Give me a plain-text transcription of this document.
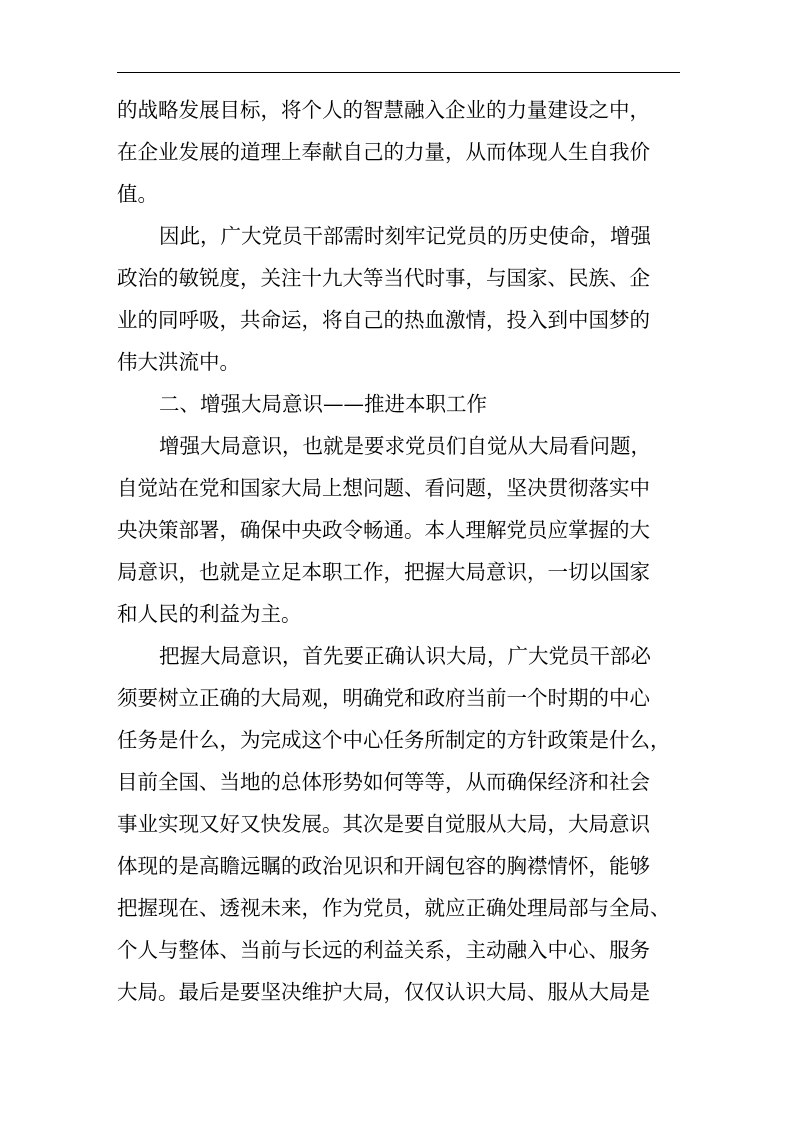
的战略发展目标，将个人的智慧融入企业的力量建设之中，
在企业发展的道理上奉献自己的力量，从而体现人生自我价
值。
因此，广大党员干部需时刻牢记党员的历史使命，增强
政治的敏锐度，关注十九大等当代时事，与国家、民族、企
业的同呼吸，共命运，将自己的热血激情，投入到中国梦的
伟大洪流中。
二、增强大局意识——推进本职工作
增强大局意识，也就是要求党员们自觉从大局看问题，
自觉站在党和国家大局上想问题、看问题，坚决贯彻落实中
央决策部署，确保中央政令畅通。本人理解党员应掌握的大
局意识，也就是立足本职工作，把握大局意识，一切以国家
和人民的利益为主。
把握大局意识，首先要正确认识大局，广大党员干部必
须要树立正确的大局观，明确党和政府当前一个时期的中心
任务是什么，为完成这个中心任务所制定的方针政策是什么，
目前全国、当地的总体形势如何等等，从而确保经济和社会
事业实现又好又快发展。其次是要自觉服从大局，大局意识
体现的是高瞻远瞩的政治见识和开阔包容的胸襟情怀，能够
把握现在、透视未来，作为党员，就应正确处理局部与全局、
个人与整体、当前与长远的利益关系，主动融入中心、服务
大局。最后是要坚决维护大局，仅仅认识大局、服从大局是
